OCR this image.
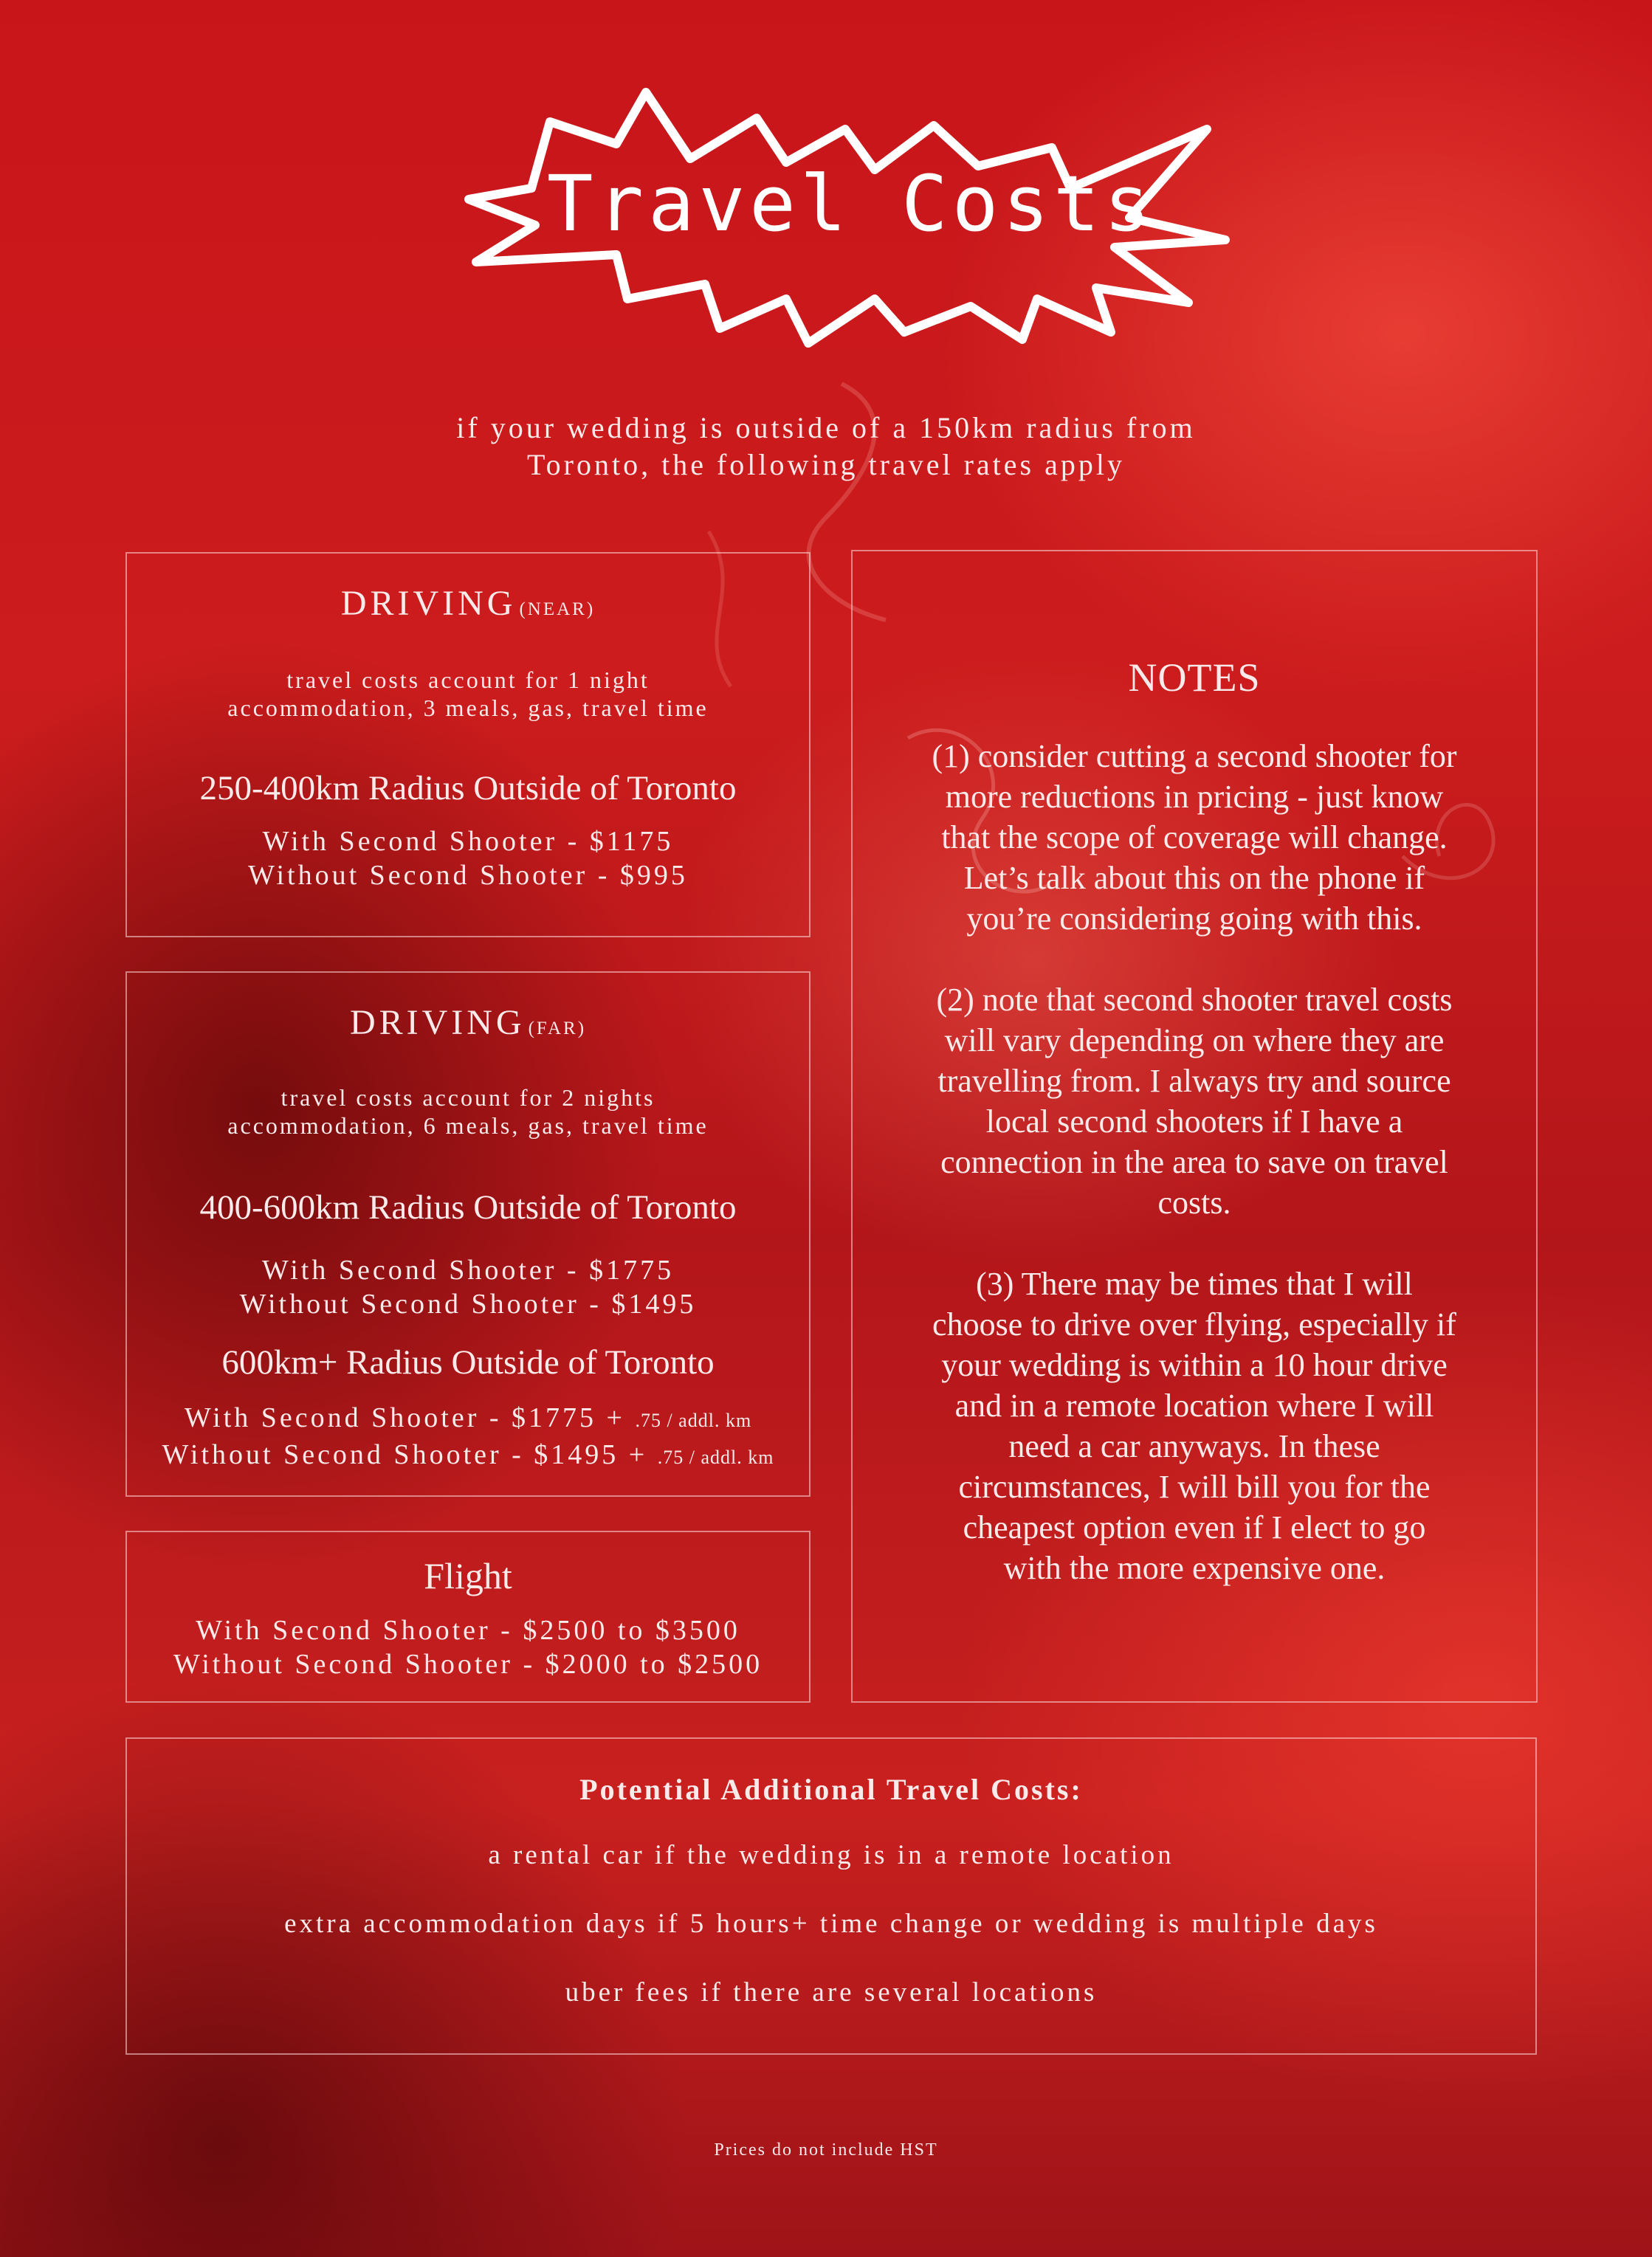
Travel Costs
if your wedding is outside of a 150km radius from
Toronto, the following travel rates apply
DRIVING (NEAR)
travel costs account for 1 night
accommodation, 3 meals, gas, travel time
250-400km Radius Outside of Toronto
With Second Shooter - $1175
Without Second Shooter - $995
DRIVING (FAR)
travel costs account for 2 nights
accommodation, 6 meals, gas, travel time
400-600km Radius Outside of Toronto
With Second Shooter - $1775
Without Second Shooter - $1495
600km+ Radius Outside of Toronto
With Second Shooter - $1775 + .75 / addl. km
Without Second Shooter - $1495 + .75 / addl. km
Flight
With Second Shooter - $2500 to $3500
Without Second Shooter - $2000 to $2500
NOTES
(1) consider cutting a second shooter for
more reductions in pricing - just know
that the scope of coverage will change.
Let’s talk about this on the phone if
you’re considering going with this.
(2) note that second shooter travel costs
will vary depending on where they are
travelling from. I always try and source
local second shooters if I have a
connection in the area to save on travel
costs.
(3) There may be times that I will
choose to drive over flying, especially if
your wedding is within a 10 hour drive
and in a remote location where I will
need a car anyways. In these
circumstances, I will bill you for the
cheapest option even if I elect to go
with the more expensive one.
Potential Additional Travel Costs:
a rental car if the wedding is in a remote location
extra accommodation days if 5 hours+ time change or wedding is multiple days
uber fees if there are several locations
Prices do not include HST
